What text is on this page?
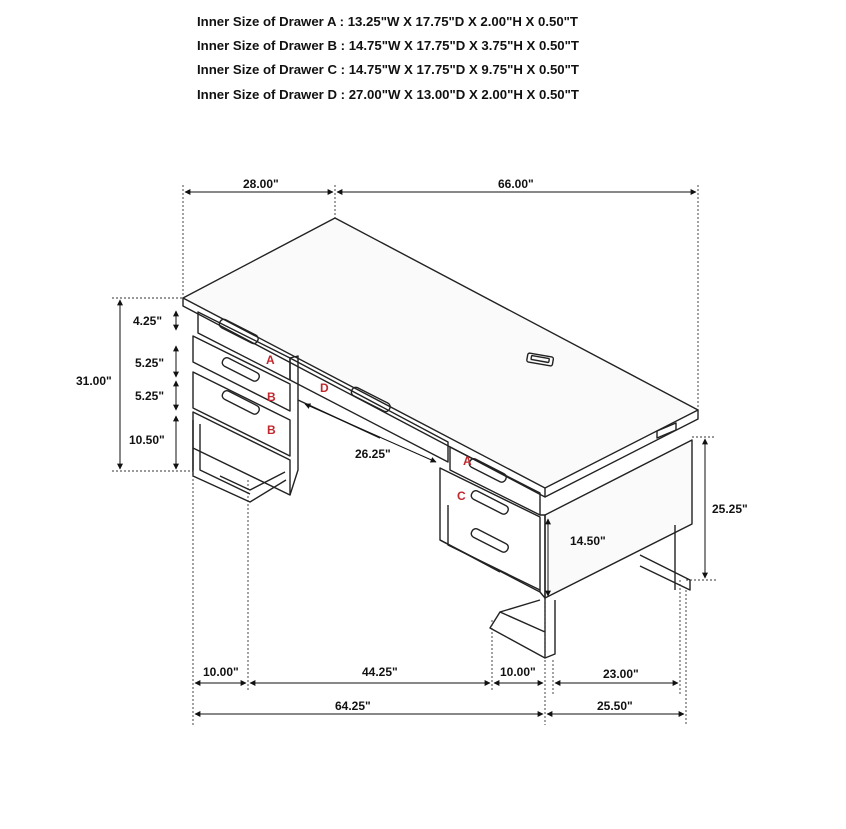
Inner Size of Drawer A : 13.25"W X 17.75"D X 2.00"H X 0.50"T
Inner Size of Drawer B : 14.75"W X 17.75"D X 3.75"H X 0.50"T
Inner Size of Drawer C : 14.75"W X 17.75"D X 9.75"H X 0.50"T
Inner Size of Drawer D : 27.00"W X 13.00"D X 2.00"H X 0.50"T
28.00"	66.00"
31.00"
4.25"
5.25"
5.25"
10.50"
26.25"
25.25"
14.50"
10.00"	44.25"	10.00"	23.00"
64.25"	25.50"
A
B
B
D
A
C
